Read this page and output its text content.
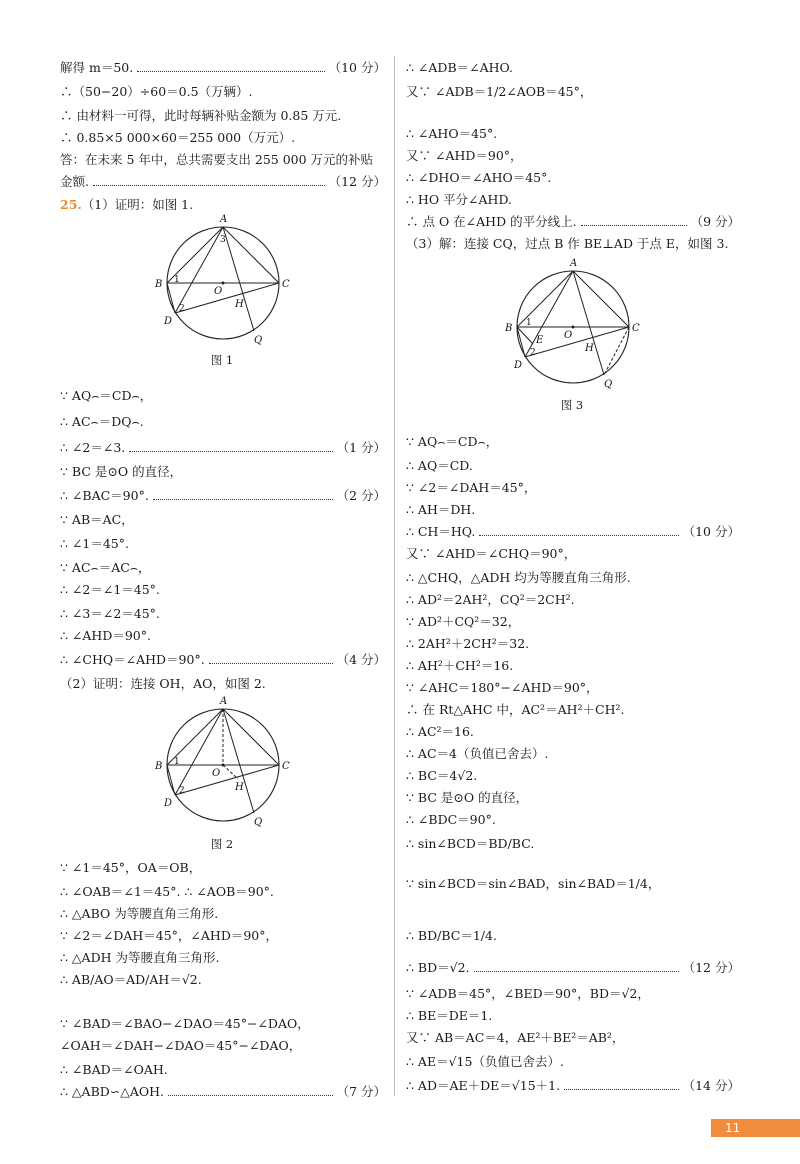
解得 m＝50.	（10 分）
∴（50−20）÷60＝0.5（万辆）.
∴ 由材料一可得，此时每辆补贴金额为 0.85 万元.
∴ 0.85×5 000×60＝255 000（万元）.
答：在未来 5 年中，总共需要支出 255 000 万元的补贴
金额.	（12 分）
25.（1）证明：如图 1.
∵ AQ⌢＝CD⌢，
∴ AC⌢＝DQ⌢.
∴ ∠2＝∠3.	（1 分）
∵ BC 是⊙O 的直径，
∴ ∠BAC＝90°.	（2 分）
∵ AB＝AC，
∴ ∠1＝45°.
∵ AC⌢＝AC⌢，
∴ ∠2＝∠1＝45°.
∴ ∠3＝∠2＝45°.
∴ ∠AHD＝90°.
∴ ∠CHQ＝∠AHD＝90°.	（4 分）
（2）证明：连接 OH，AO，如图 2.
∵ ∠1＝45°，OA＝OB，
∴ ∠OAB＝∠1＝45°. ∴ ∠AOB＝90°.
∴ △ABO 为等腰直角三角形.
∵ ∠2＝∠DAH＝45°，∠AHD＝90°，
∴ △ADH 为等腰直角三角形.
∴ AB/AO＝AD/AH＝√2.
∵ ∠BAD＝∠BAO−∠DAO＝45°−∠DAO，
∠OAH＝∠DAH−∠DAO＝45°−∠DAO，
∴ ∠BAD＝∠OAH.
∴ △ABD∽△AOH.	（7 分）
∴ ∠ADB＝∠AHO.
又∵ ∠ADB＝1/2∠AOB＝45°，
∴ ∠AHO＝45°.
又∵ ∠AHD＝90°，
∴ ∠DHO＝∠AHO＝45°.
∴ HO 平分∠AHD.
∴ 点 O 在∠AHD 的平分线上.	（9 分）
（3）解：连接 CQ，过点 B 作 BE⊥AD 于点 E，如图 3.
∵ AQ⌢＝CD⌢，
∴ AQ＝CD.
∵ ∠2＝∠DAH＝45°，
∴ AH＝DH.
∴ CH＝HQ.	（10 分）
又∵ ∠AHD＝∠CHQ＝90°，
∴ △CHQ，△ADH 均为等腰直角三角形.
∴ AD²＝2AH²，CQ²＝2CH².
∵ AD²＋CQ²＝32，
∴ 2AH²＋2CH²＝32.
∴ AH²＋CH²＝16.
∵ ∠AHC＝180°−∠AHD＝90°，
∴ 在 Rt△AHC 中，AC²＝AH²＋CH².
∴ AC²＝16.
∴ AC＝4（负值已舍去）.
∴ BC＝4√2.
∵ BC 是⊙O 的直径，
∴ ∠BDC＝90°.
∴ sin∠BCD＝BD/BC.
∵ sin∠BCD＝sin∠BAD，sin∠BAD＝1/4，
∴ BD/BC＝1/4.
∴ BD＝√2.	（12 分）
∵ ∠ADB＝45°，∠BED＝90°，BD＝√2，
∴ BE＝DE＝1.
又∵ AB＝AC＝4，AE²＋BE²＝AB²，
∴ AE＝√15（负值已舍去）.
∴ AD＝AE＋DE＝√15＋1.	（14 分）
A
B	C
D
O
H
Q
1
2
3
图 1
A
B	C
D
O
H
Q
1
2
图 2
A
B	C
D
E O
H
Q
1
2
图 3
11
